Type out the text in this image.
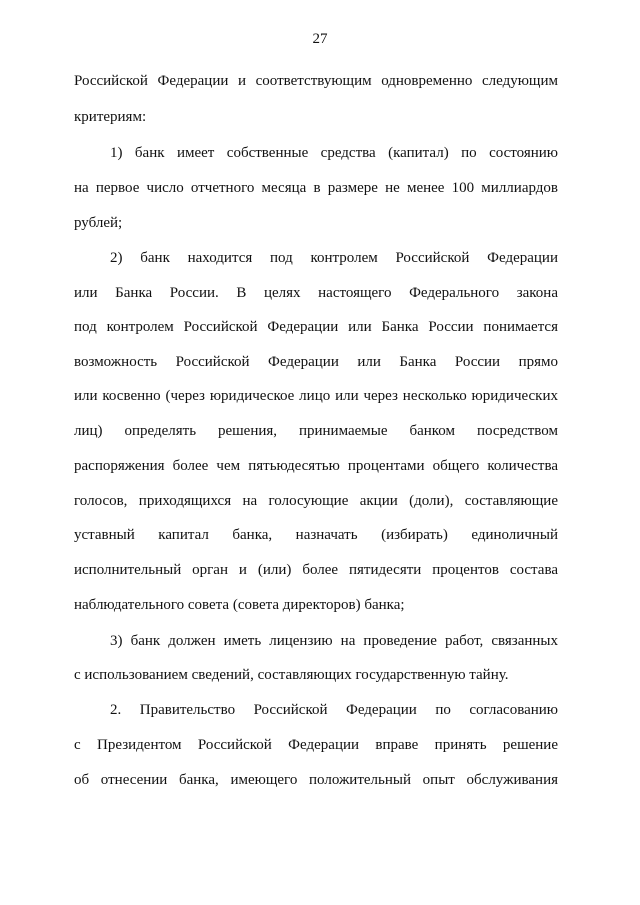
27
Российской Федерации и соответствующим одновременно следующим
критериям:
1) банк имеет собственные средства (капитал) по состоянию
на первое число отчетного месяца в размере не менее 100 миллиардов
рублей;
2) банк находится под контролем Российской Федерации
или Банка России. В целях настоящего Федерального закона
под контролем Российской Федерации или Банка России понимается
возможность Российской Федерации или Банка России прямо
или косвенно (через юридическое лицо или через несколько юридических
лиц) определять решения, принимаемые банком посредством
распоряжения более чем пятьюдесятью процентами общего количества
голосов, приходящихся на голосующие акции (доли), составляющие
уставный капитал банка, назначать (избирать) единоличный
исполнительный орган и (или) более пятидесяти процентов состава
наблюдательного совета (совета директоров) банка;
3) банк должен иметь лицензию на проведение работ, связанных
с использованием сведений, составляющих государственную тайну.
2. Правительство Российской Федерации по согласованию
с Президентом Российской Федерации вправе принять решение
об отнесении банка, имеющего положительный опыт обслуживания
